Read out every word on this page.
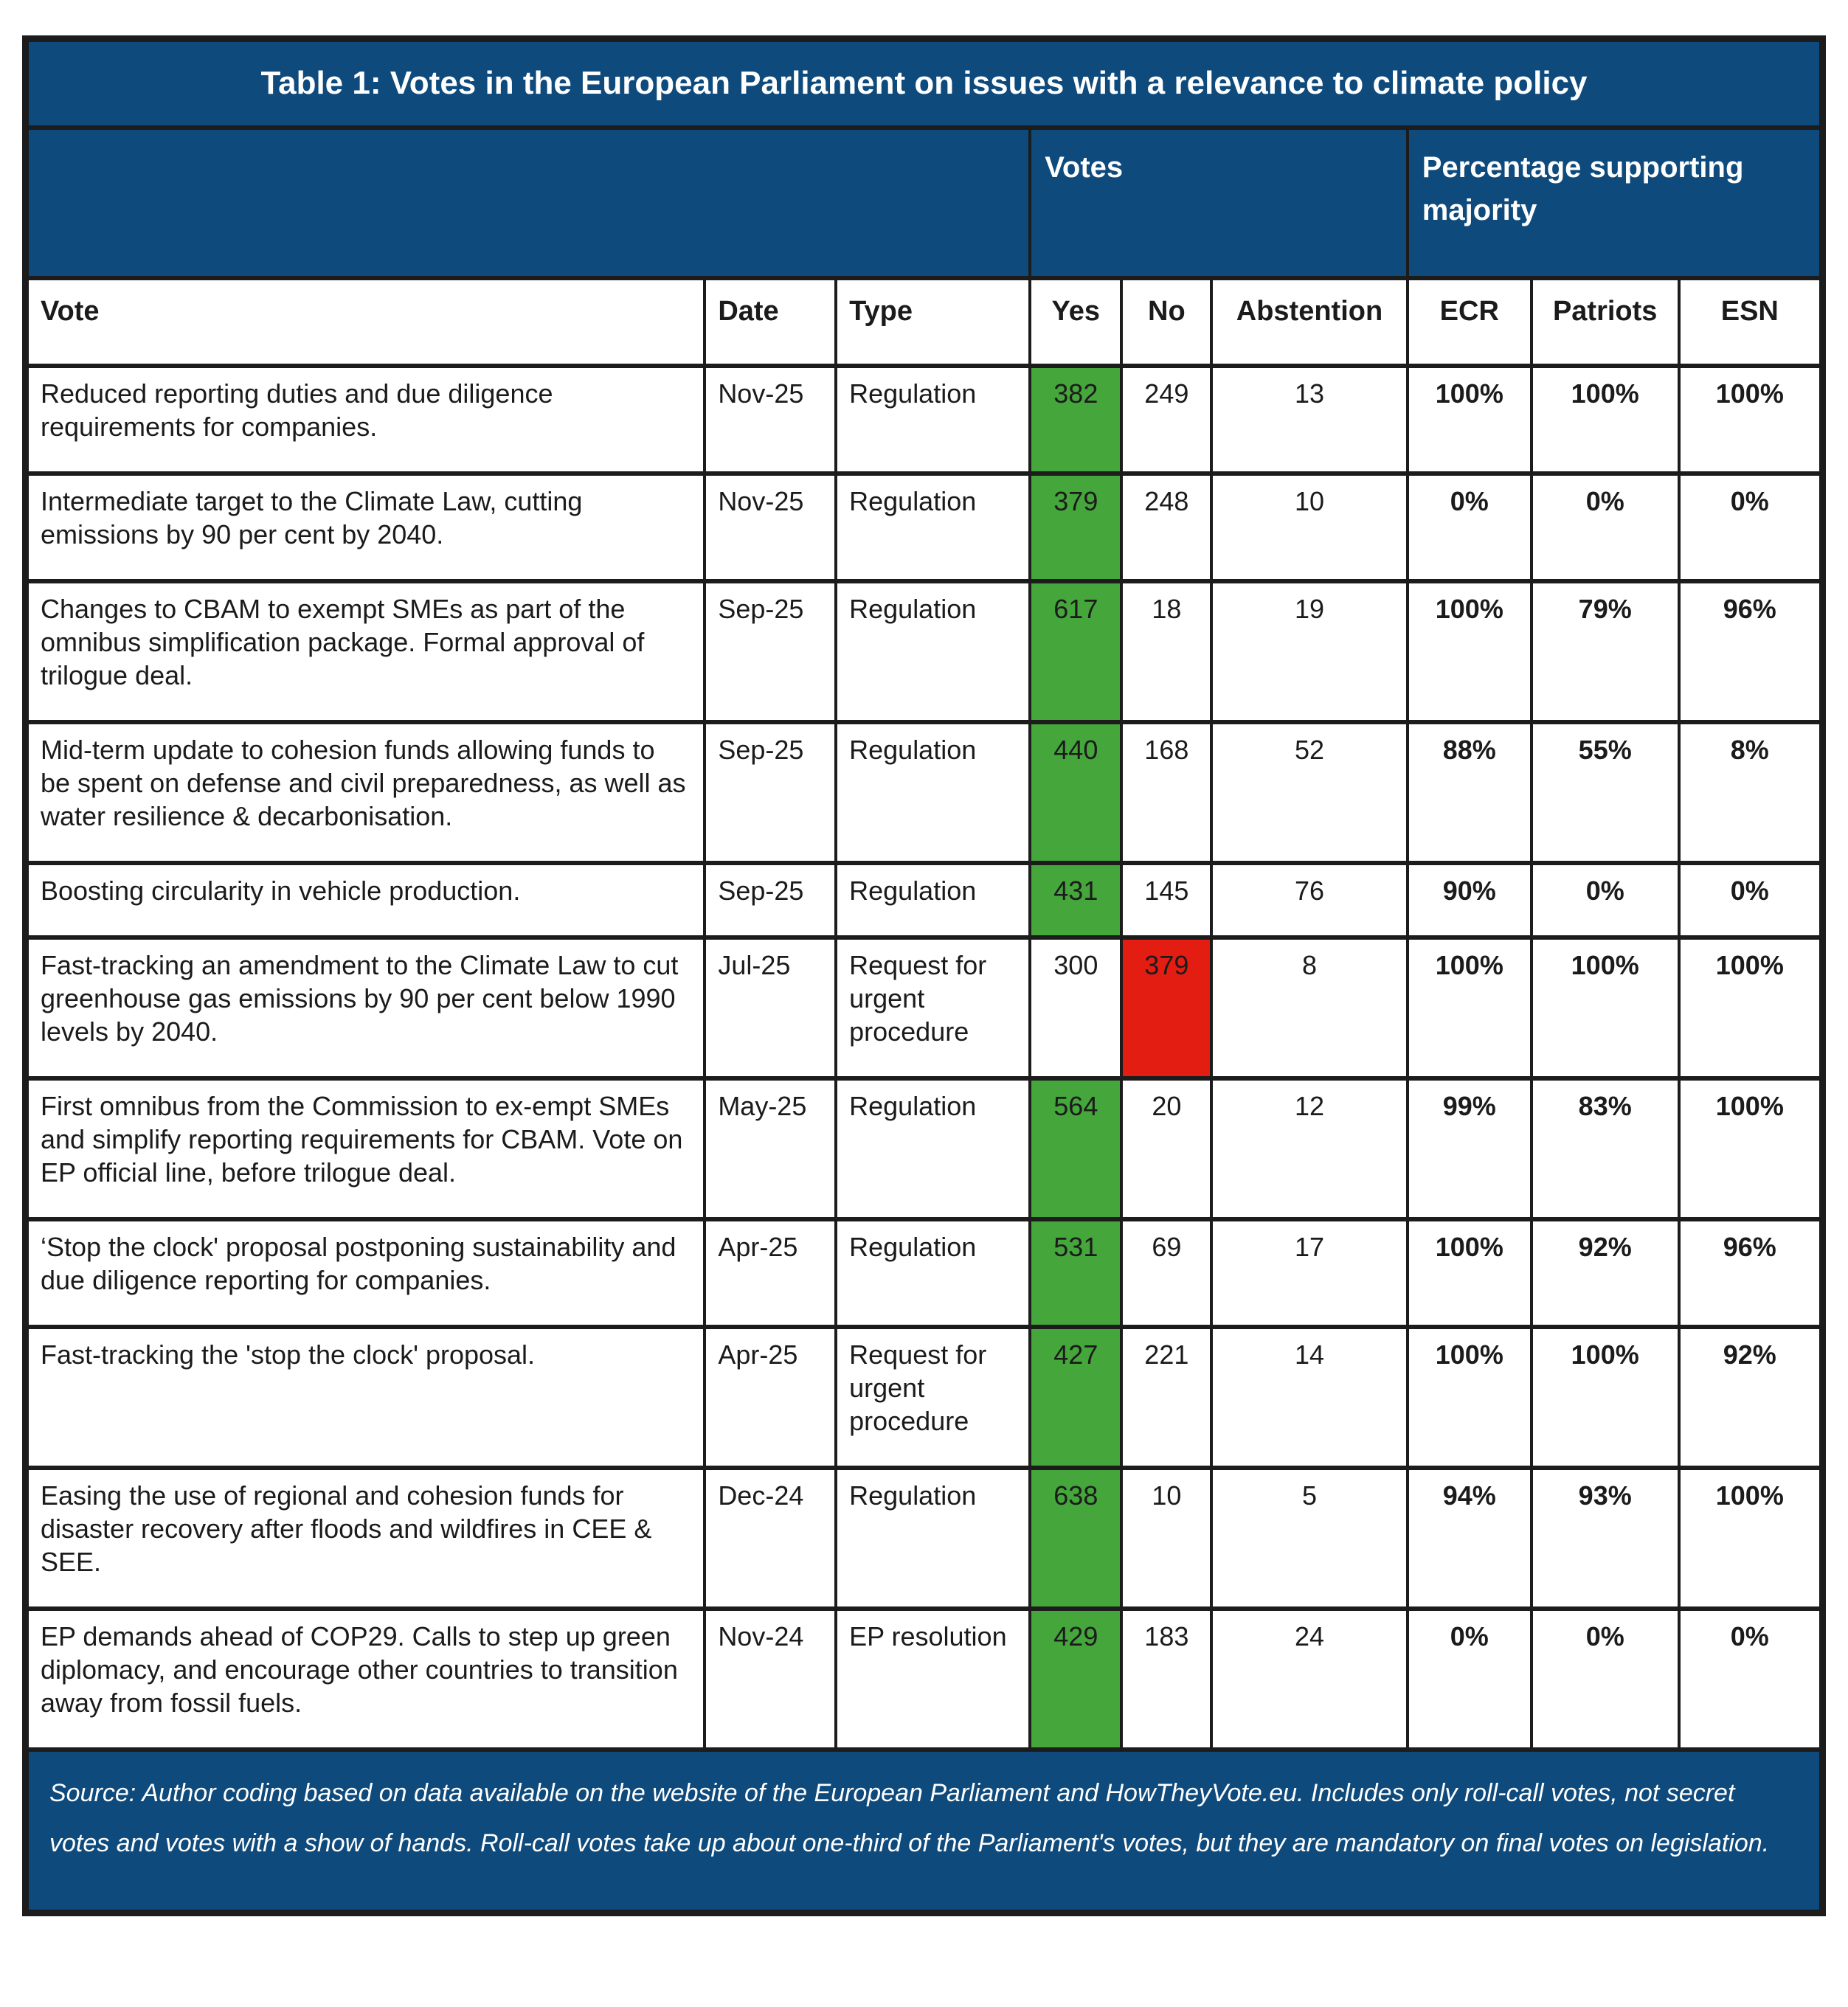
Table 1: Votes in the European Parliament on issues with a relevance to climate policy								
			Votes			Percentage supporting majority		
Vote	Date	Type	Yes	No	Abstention	ECR	Patriots	ESN
Reduced reporting duties and due diligence requirements for companies.	Nov-25	Regulation	382	249	13	100%	100%	100%
Intermediate target to the Climate Law, cutting emissions by 90 per cent by 2040.	Nov-25	Regulation	379	248	10	0%	0%	0%
Changes to CBAM to exempt SMEs as part of the omnibus simplification package. Formal approval of trilogue deal.	Sep-25	Regulation	617	18	19	100%	79%	96%
Mid-term update to cohesion funds allowing funds to be spent on defense and civil preparedness, as well as water resilience & decarbonisation.	Sep-25	Regulation	440	168	52	88%	55%	8%
Boosting circularity in vehicle production.	Sep-25	Regulation	431	145	76	90%	0%	0%
Fast-tracking an amendment to the Climate Law to cut greenhouse gas emissions by 90 per cent below 1990 levels by 2040.	Jul-25	Request for urgent procedure	300	379	8	100%	100%	100%
First omnibus from the Commission to ex-empt SMEs and simplify reporting requirements for CBAM. Vote on EP official line, before trilogue deal.	May-25	Regulation	564	20	12	99%	83%	100%
‘Stop the clock' proposal postponing sustainability and due diligence reporting for companies.	Apr-25	Regulation	531	69	17	100%	92%	96%
Fast-tracking the 'stop the clock' proposal.	Apr-25	Request for urgent procedure	427	221	14	100%	100%	92%
Easing the use of regional and cohesion funds for disaster recovery after floods and wildfires in CEE & SEE.	Dec-24	Regulation	638	10	5	94%	93%	100%
EP demands ahead of COP29. Calls to step up green diplomacy, and encourage other countries to transition away from fossil fuels.	Nov-24	EP resolution	429	183	24	0%	0%	0%
Source: Author coding based on data available on the website of the European Parliament and HowTheyVote.eu. Includes only roll-call votes, not secret votes and votes with a show of hands. Roll-call votes take up about one-third of the Parliament's votes, but they are mandatory on final votes on legislation.								
